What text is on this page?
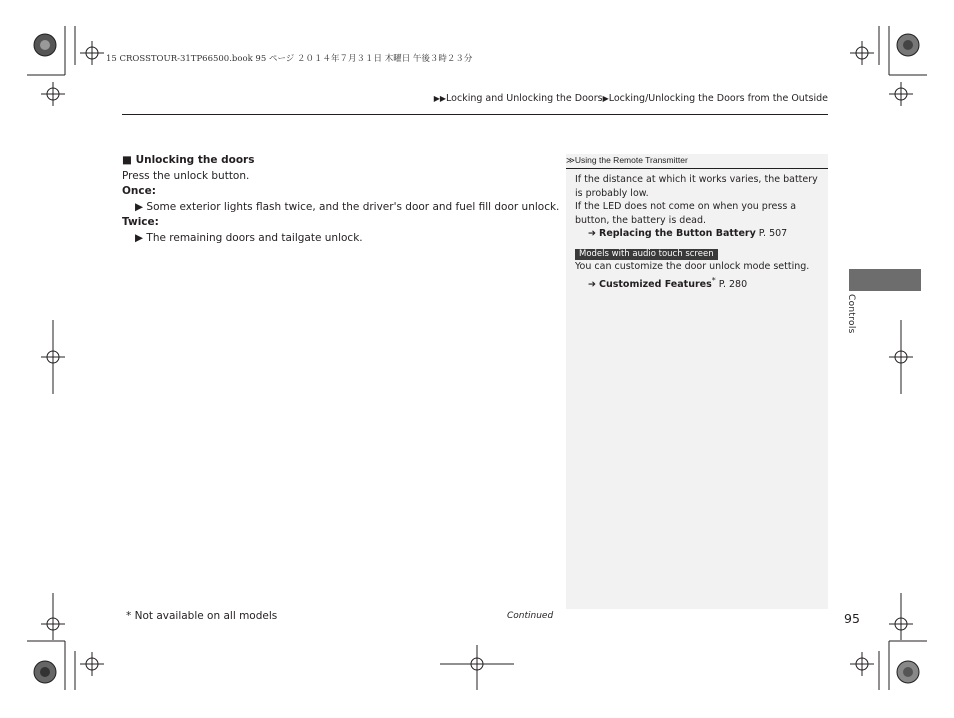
15 CROSSTOUR-31TP66500.book 95 ページ ２０１４年７月３１日 木曜日 午後３時２３分
▶▶Locking and Unlocking the Doors▶Locking/Unlocking the Doors from the Outside
■ Unlocking the doors
Press the unlock button.
Once:
▶ Some exterior lights flash twice, and the driver's door and fuel fill door unlock.
Twice:
▶ The remaining doors and tailgate unlock.
≫Using the Remote Transmitter
If the distance at which it works varies, the battery is probably low.
If the LED does not come on when you press a button, the battery is dead.
➔ Replacing the Button Battery P. 507
Models with audio touch screen
You can customize the door unlock mode setting.
➔ Customized Features* P. 280
Controls
* Not available on all models	Continued	95
